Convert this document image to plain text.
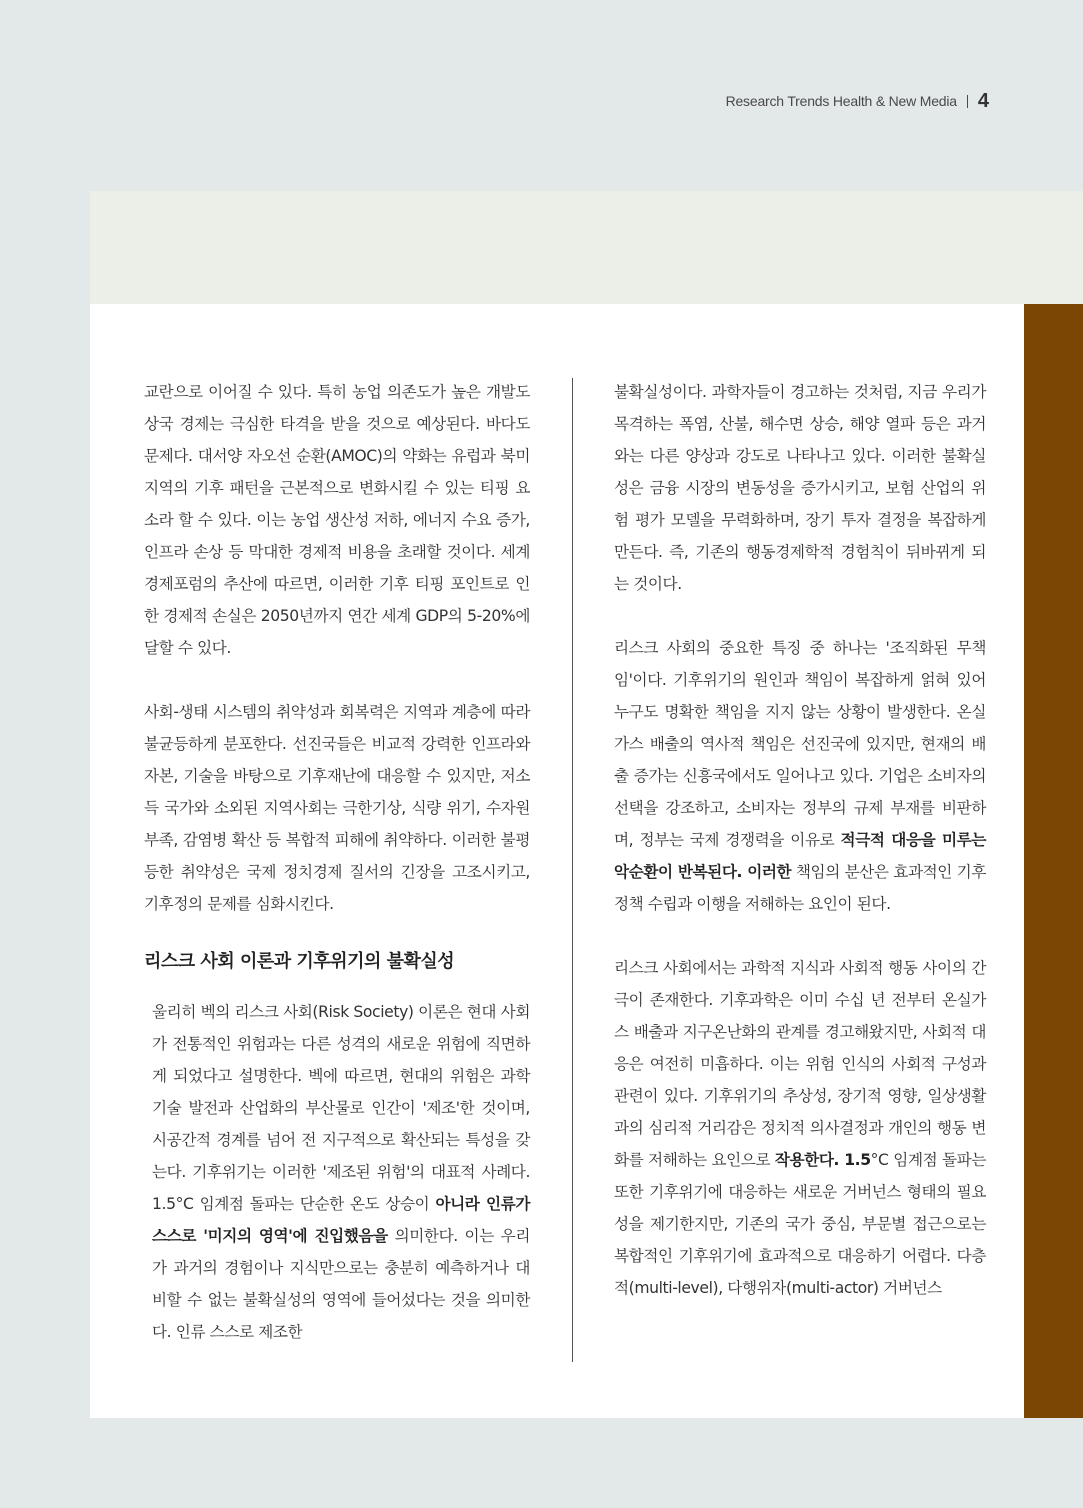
Research Trends Health & New Media 4

교란으로 이어질 수 있다. 특히 농업 의존도가 높은 개발도상국 경제는 극심한 타격을 받을 것으로 예상된다. 바다도 문제다. 대서양 자오선 순환(AMOC)의 약화는 유럽과 북미 지역의 기후 패턴을 근본적으로 변화시킬 수 있는 티핑 요소라 할 수 있다. 이는 농업 생산성 저하, 에너지 수요 증가, 인프라 손상 등 막대한 경제적 비용을 초래할 것이다. 세계경제포럼의 추산에 따르면, 이러한 기후 티핑 포인트로 인한 경제적 손실은 2050년까지 연간 세계 GDP의 5-20%에 달할 수 있다.

사회-생태 시스템의 취약성과 회복력은 지역과 계층에 따라 불균등하게 분포한다. 선진국들은 비교적 강력한 인프라와 자본, 기술을 바탕으로 기후재난에 대응할 수 있지만, 저소득 국가와 소외된 지역사회는 극한기상, 식량 위기, 수자원 부족, 감염병 확산 등 복합적 피해에 취약하다. 이러한 불평등한 취약성은 국제 정치경제 질서의 긴장을 고조시키고, 기후정의 문제를 심화시킨다.

리스크 사회 이론과 기후위기의 불확실성

울리히 벡의 리스크 사회(Risk Society) 이론은 현대 사회가 전통적인 위험과는 다른 성격의 새로운 위험에 직면하게 되었다고 설명한다. 벡에 따르면, 현대의 위험은 과학기술 발전과 산업화의 부산물로 인간이 '제조'한 것이며, 시공간적 경계를 넘어 전 지구적으로 확산되는 특성을 갖는다. 기후위기는 이러한 '제조된 위험'의 대표적 사례다. 1.5°C 임계점 돌파는 단순한 온도 상승이 아니라 인류가 스스로 '미지의 영역'에 진입했음을 의미한다. 이는 우리가 과거의 경험이나 지식만으로는 충분히 예측하거나 대비할 수 없는 불확실성의 영역에 들어섰다는 것을 의미한다. 인류 스스로 제조한

불확실성이다. 과학자들이 경고하는 것처럼, 지금 우리가 목격하는 폭염, 산불, 해수면 상승, 해양 열파 등은 과거와는 다른 양상과 강도로 나타나고 있다. 이러한 불확실성은 금융 시장의 변동성을 증가시키고, 보험 산업의 위험 평가 모델을 무력화하며, 장기 투자 결정을 복잡하게 만든다. 즉, 기존의 행동경제학적 경험칙이 뒤바뀌게 되는 것이다.

리스크 사회의 중요한 특징 중 하나는 '조직화된 무책임'이다. 기후위기의 원인과 책임이 복잡하게 얽혀 있어 누구도 명확한 책임을 지지 않는 상황이 발생한다. 온실가스 배출의 역사적 책임은 선진국에 있지만, 현재의 배출 증가는 신흥국에서도 일어나고 있다. 기업은 소비자의 선택을 강조하고, 소비자는 정부의 규제 부재를 비판하며, 정부는 국제 경쟁력을 이유로 적극적 대응을 미루는 악순환이 반복된다. 이러한 책임의 분산은 효과적인 기후 정책 수립과 이행을 저해하는 요인이 된다.

리스크 사회에서는 과학적 지식과 사회적 행동 사이의 간극이 존재한다. 기후과학은 이미 수십 년 전부터 온실가스 배출과 지구온난화의 관계를 경고해왔지만, 사회적 대응은 여전히 미흡하다. 이는 위험 인식의 사회적 구성과 관련이 있다. 기후위기의 추상성, 장기적 영향, 일상생활과의 심리적 거리감은 정치적 의사결정과 개인의 행동 변화를 저해하는 요인으로 작용한다. 1.5°C 임계점 돌파는 또한 기후위기에 대응하는 새로운 거버넌스 형태의 필요성을 제기한지만, 기존의 국가 중심, 부문별 접근으로는 복합적인 기후위기에 효과적으로 대응하기 어렵다. 다층적(multi-level), 다행위자(multi-actor) 거버넌스
